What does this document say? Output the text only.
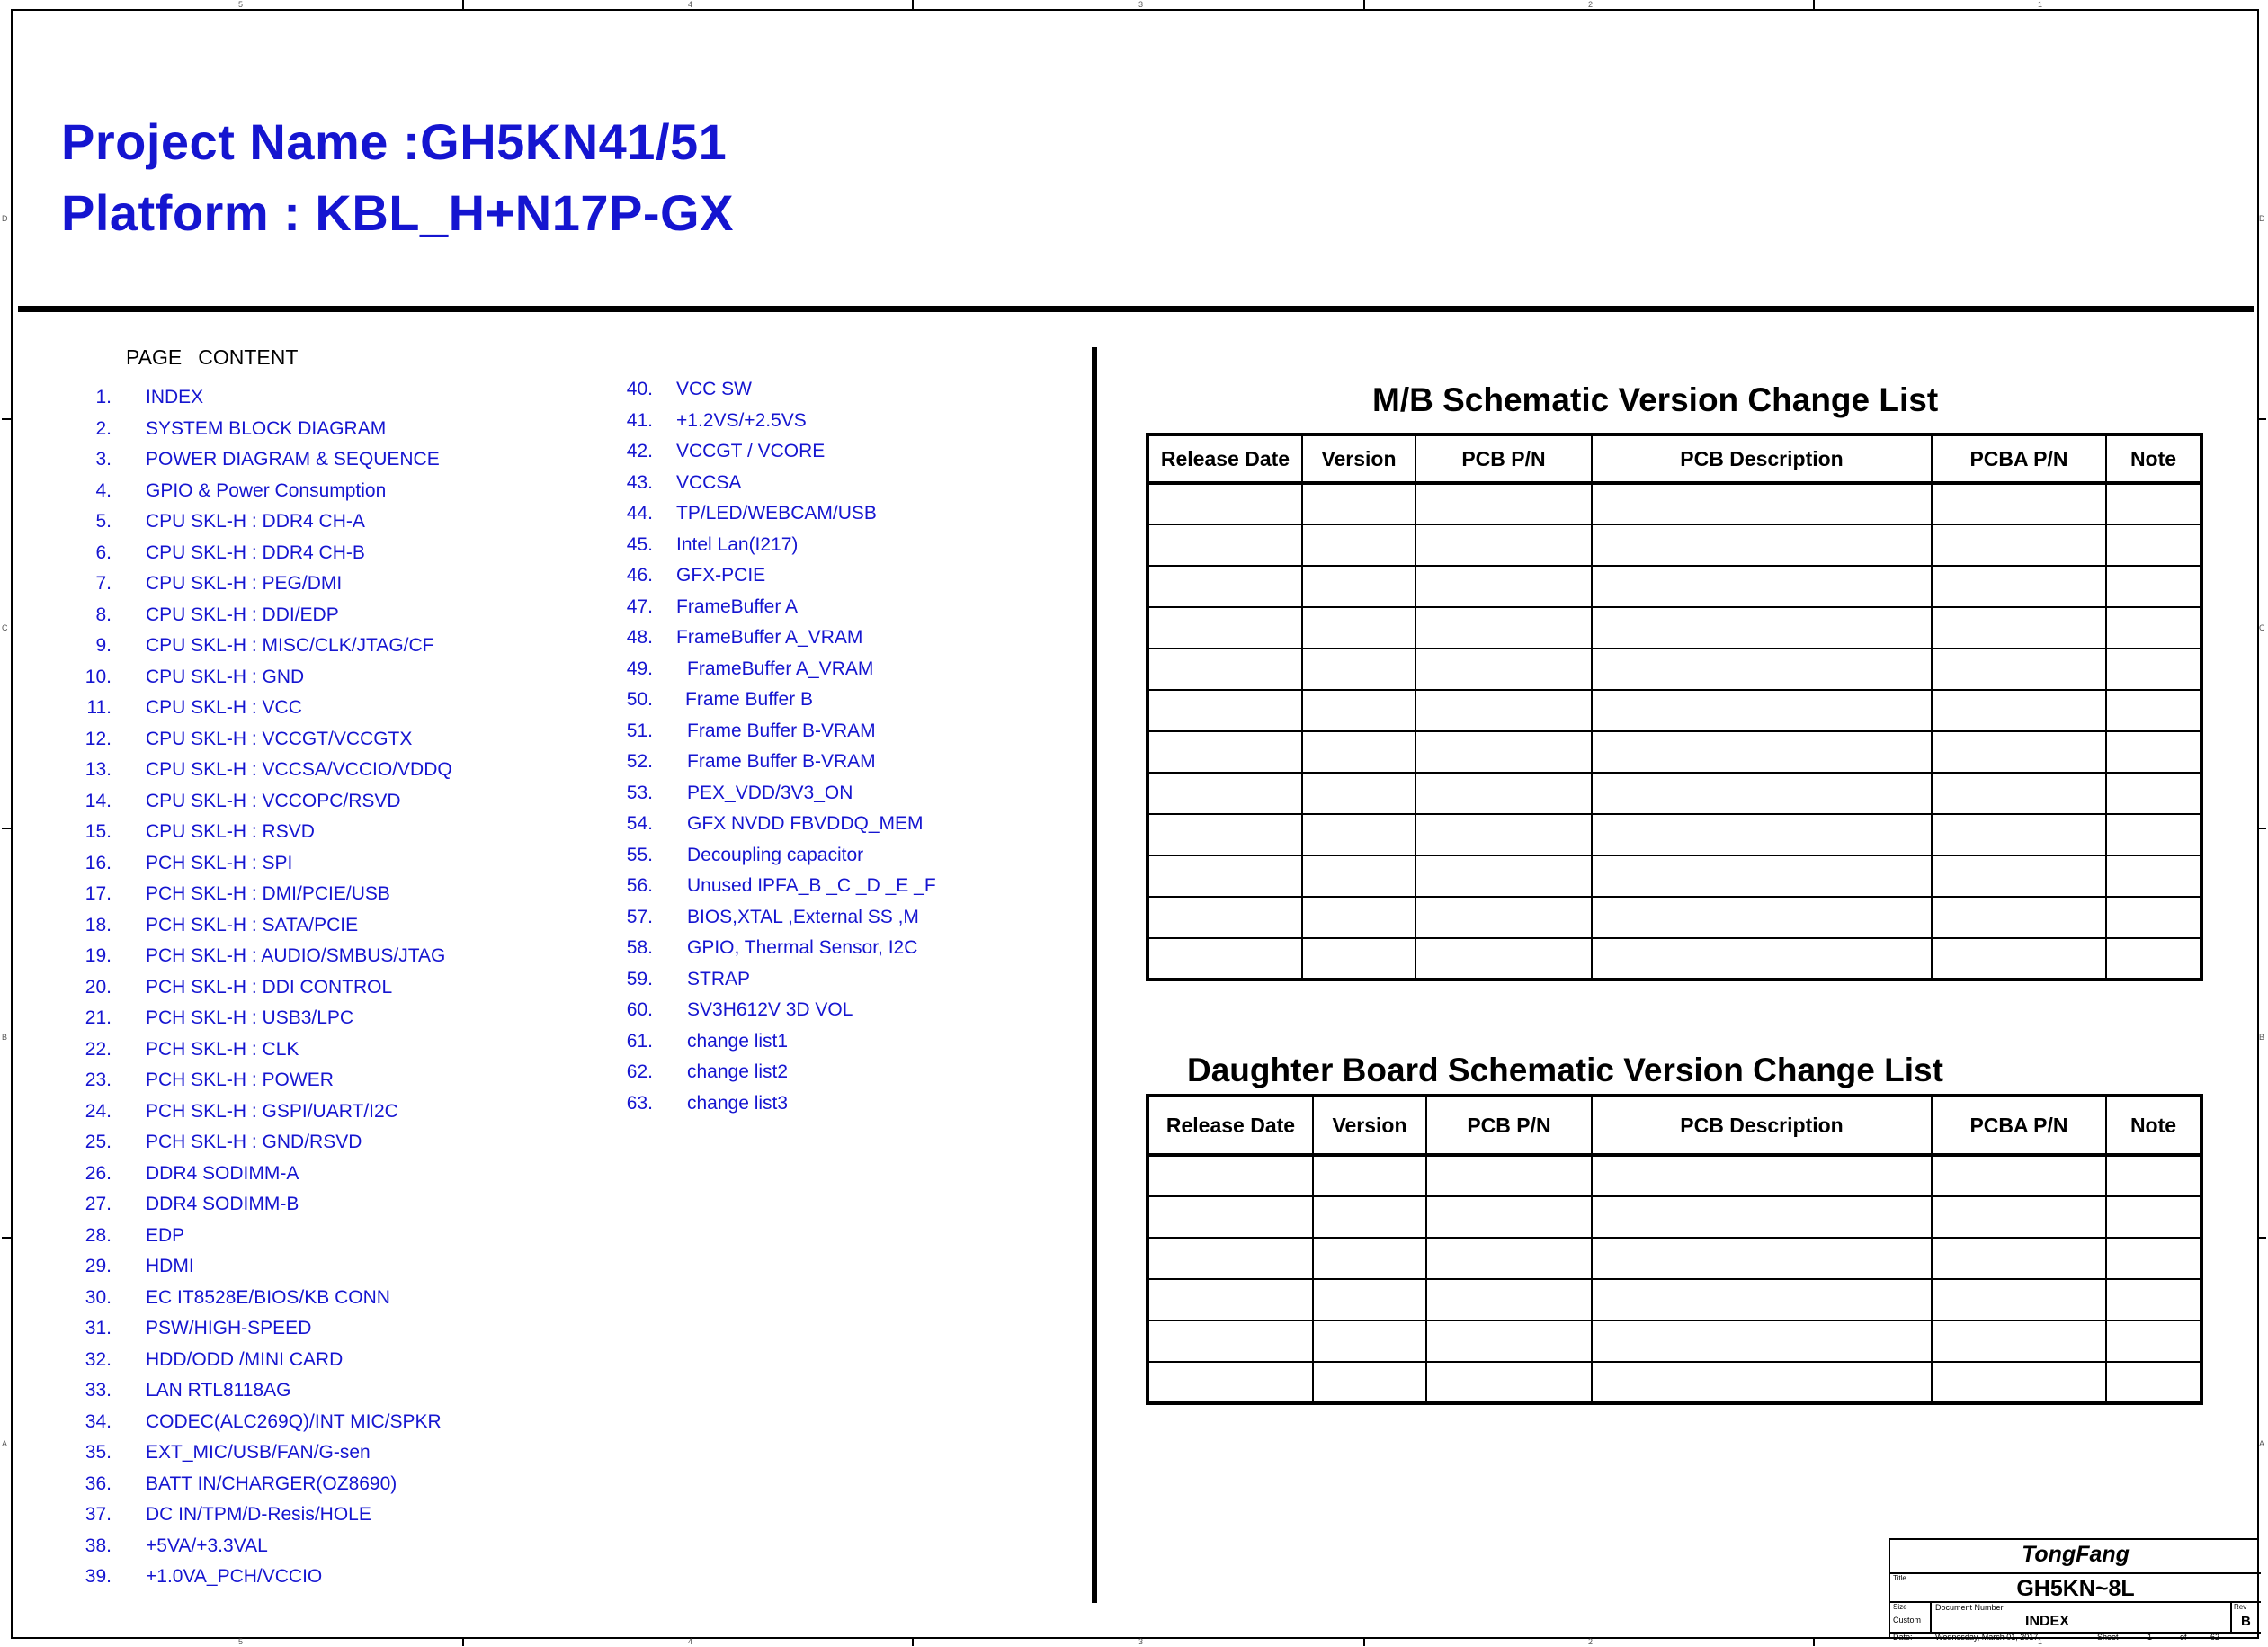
5
5
4
4
3
3
2
2
1
1
D	D
C	C
B	B
A	A
Project Name :GH5KN41/51
Platform : KBL_H+N17P-GX
PAGE CONTENT
1. INDEX
2. SYSTEM BLOCK DIAGRAM
3. POWER DIAGRAM & SEQUENCE
4. GPIO & Power Consumption
5. CPU SKL-H : DDR4 CH-A
6. CPU SKL-H : DDR4 CH-B
7. CPU SKL-H : PEG/DMI
8. CPU SKL-H : DDI/EDP
9. CPU SKL-H : MISC/CLK/JTAG/CF
10. CPU SKL-H : GND
11. CPU SKL-H : VCC
12. CPU SKL-H : VCCGT/VCCGTX
13. CPU SKL-H : VCCSA/VCCIO/VDDQ
14. CPU SKL-H : VCCOPC/RSVD
15. CPU SKL-H : RSVD
16. PCH SKL-H : SPI
17. PCH SKL-H : DMI/PCIE/USB
18. PCH SKL-H : SATA/PCIE
19. PCH SKL-H : AUDIO/SMBUS/JTAG
20. PCH SKL-H : DDI CONTROL
21. PCH SKL-H : USB3/LPC
22. PCH SKL-H : CLK
23. PCH SKL-H : POWER
24. PCH SKL-H : GSPI/UART/I2C
25. PCH SKL-H : GND/RSVD
26. DDR4 SODIMM-A
27. DDR4 SODIMM-B
28. EDP
29. HDMI
30. EC IT8528E/BIOS/KB CONN
31. PSW/HIGH-SPEED
32. HDD/ODD /MINI CARD
33. LAN RTL8118AG
34. CODEC(ALC269Q)/INT MIC/SPKR
35. EXT_MIC/USB/FAN/G-sen
36. BATT IN/CHARGER(OZ8690)
37. DC IN/TPM/D-Resis/HOLE
38. +5VA/+3.3VAL
39. +1.0VA_PCH/VCCIO
40. VCC SW
41. +1.2VS/+2.5VS
42. VCCGT / VCORE
43. VCCSA
44. TP/LED/WEBCAM/USB
45. Intel Lan(I217)
46. GFX-PCIE
47. FrameBuffer A
48. FrameBuffer A_VRAM
49. FrameBuffer A_VRAM
50. Frame Buffer B
51. Frame Buffer B-VRAM
52. Frame Buffer B-VRAM
53. PEX_VDD/3V3_ON
54. GFX NVDD FBVDDQ_MEM
55. Decoupling capacitor
56. Unused IPFA_B _C _D _E _F
57. BIOS,XTAL ,External SS ,M
58. GPIO, Thermal Sensor, I2C
59. STRAP
60. SV3H612V 3D VOL
61. change list1
62. change list2
63. change list3
M/B Schematic Version Change List
Release Date	Version	PCB P/N	PCB Description	PCBA P/N	Note

Daughter Board Schematic Version Change List
Release Date	Version	PCB P/N	PCB Description	PCBA P/N	Note

TongFang
Title	GH5KN~8L
Size
Custom
Document Number
INDEX
Rev
B
Date:	Wednesday, March 01, 2017	Sheet	1	of	62
